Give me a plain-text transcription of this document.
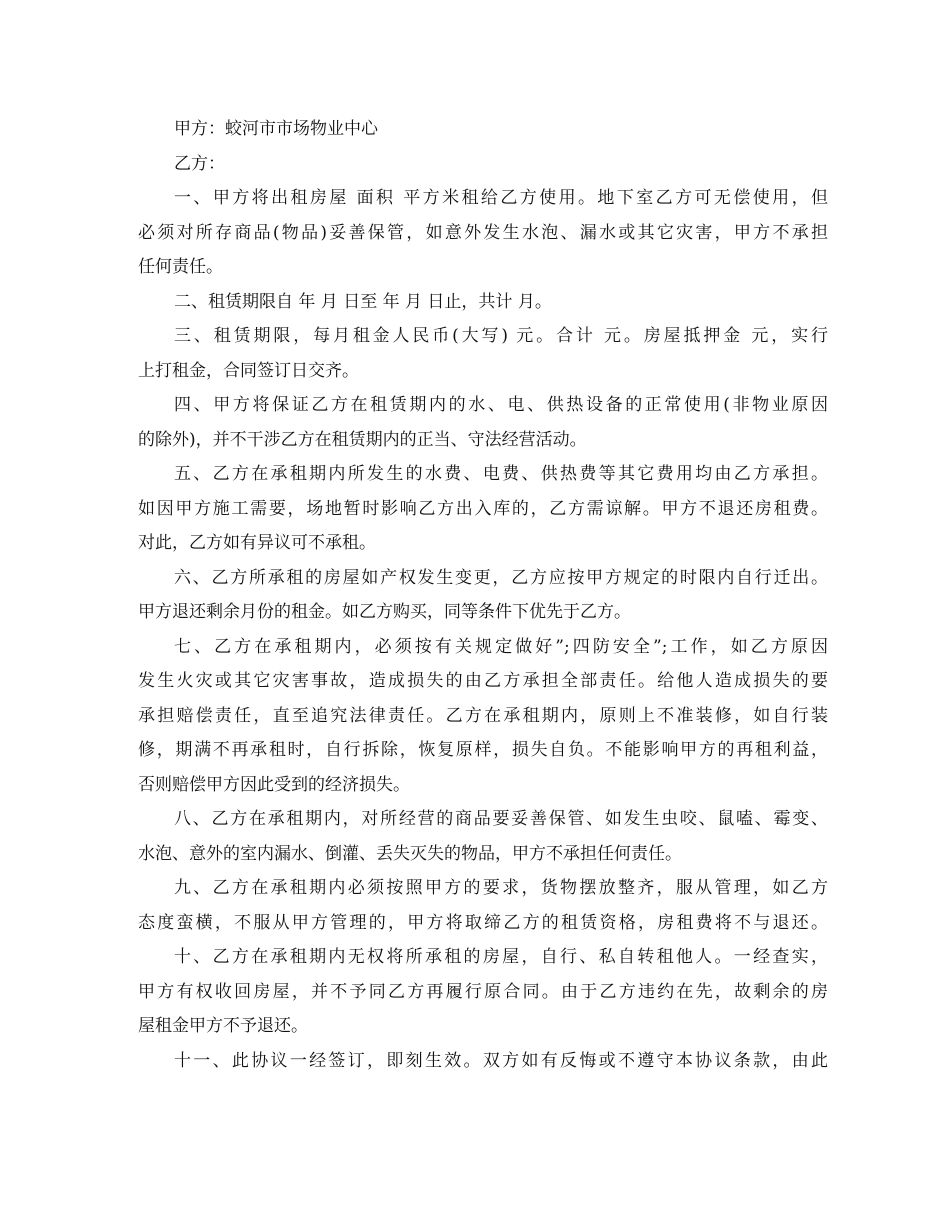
甲方：蛟河市市场物业中心
乙方：
一、甲方将出租房屋 面积 平方米租给乙方使用。地下室乙方可无偿使用，但
必须对所存商品(物品)妥善保管，如意外发生水泡、漏水或其它灾害，甲方不承担
任何责任。
二、租赁期限自 年 月 日至 年 月 日止，共计 月。
三、租赁期限，每月租金人民币(大写) 元。合计 元。房屋抵押金 元，实行
上打租金，合同签订日交齐。
四、甲方将保证乙方在租赁期内的水、电、供热设备的正常使用(非物业原因
的除外)，并不干涉乙方在租赁期内的正当、守法经营活动。
五、乙方在承租期内所发生的水费、电费、供热费等其它费用均由乙方承担。
如因甲方施工需要，场地暂时影响乙方出入库的，乙方需谅解。甲方不退还房租费。
对此，乙方如有异议可不承租。
六、乙方所承租的房屋如产权发生变更，乙方应按甲方规定的时限内自行迁出。
甲方退还剩余月份的租金。如乙方购买，同等条件下优先于乙方。
七、乙方在承租期内，必须按有关规定做好”;四防安全”;工作，如乙方原因
发生火灾或其它灾害事故，造成损失的由乙方承担全部责任。给他人造成损失的要
承担赔偿责任，直至追究法律责任。乙方在承租期内，原则上不准装修，如自行装
修，期满不再承租时，自行拆除，恢复原样，损失自负。不能影响甲方的再租利益，
否则赔偿甲方因此受到的经济损失。
八、乙方在承租期内，对所经营的商品要妥善保管、如发生虫咬、鼠嗑、霉变、
水泡、意外的室内漏水、倒灌、丢失灭失的物品，甲方不承担任何责任。
九、乙方在承租期内必须按照甲方的要求，货物摆放整齐，服从管理，如乙方
态度蛮横，不服从甲方管理的，甲方将取缔乙方的租赁资格，房租费将不与退还。
十、乙方在承租期内无权将所承租的房屋，自行、私自转租他人。一经查实，
甲方有权收回房屋，并不予同乙方再履行原合同。由于乙方违约在先，故剩余的房
屋租金甲方不予退还。
十一、此协议一经签订，即刻生效。双方如有反悔或不遵守本协议条款，由此
